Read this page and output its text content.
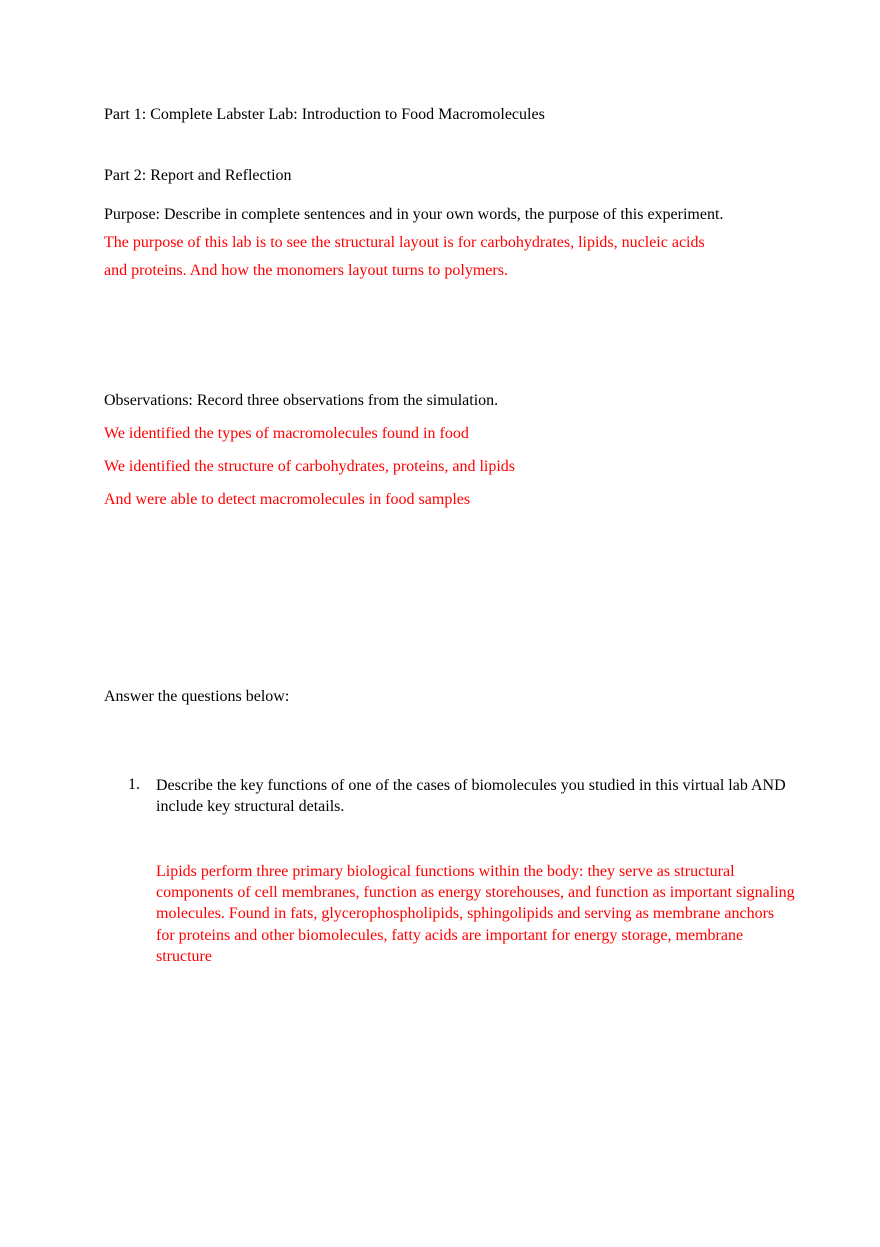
Part 1: Complete Labster Lab: Introduction to Food Macromolecules
Part 2: Report and Reflection
Purpose: Describe in complete sentences and in your own words, the purpose of this experiment.
The purpose of this lab is to see the structural layout is for carbohydrates, lipids, nucleic acids
and proteins. And how the monomers layout turns to polymers.
Observations: Record three observations from the simulation.
We identified the types of macromolecules found in food
We identified the structure of carbohydrates, proteins, and lipids
And were able to detect macromolecules in food samples
Answer the questions below:
1. Describe the key functions of one of the cases of biomolecules you studied in this virtual lab AND include key structural details.
Lipids perform three primary biological functions within the body: they serve as structural components of cell membranes, function as energy storehouses, and function as important signaling molecules. Found in fats, glycerophospholipids, sphingolipids and serving as membrane anchors for proteins and other biomolecules, fatty acids are important for energy storage, membrane structure
